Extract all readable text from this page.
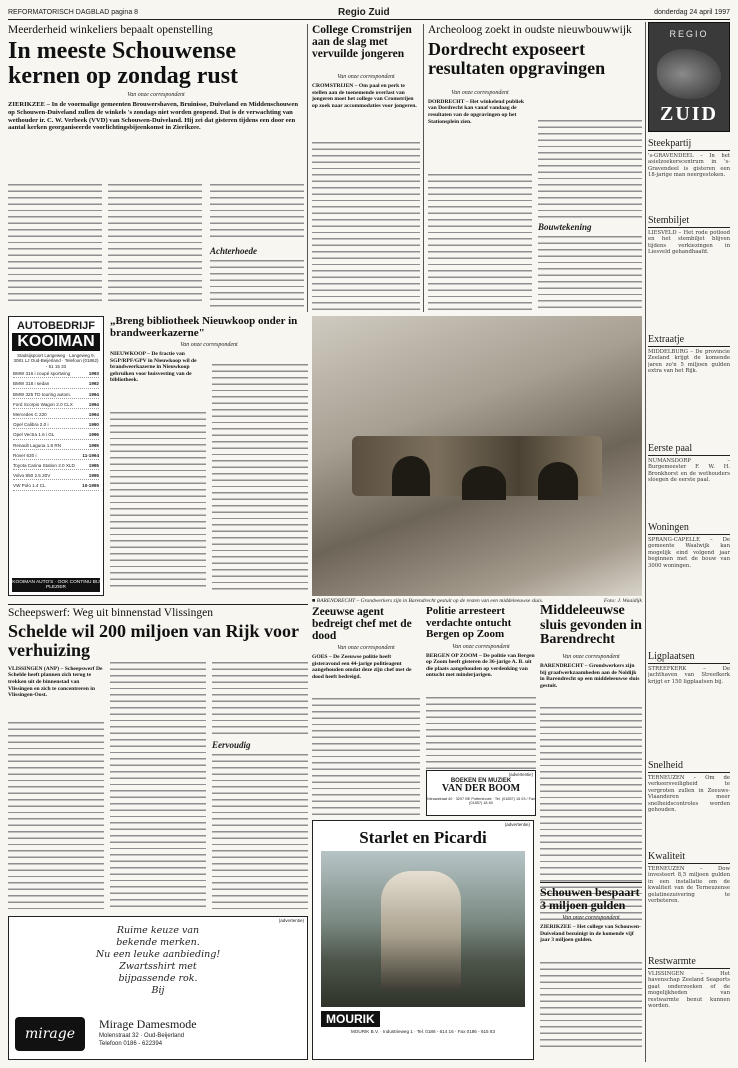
REFORMATORISCH DAGBLAD pagina 8	Regio Zuid	donderdag 24 april 1997
Meerderheid winkeliers bepaalt openstelling
In meeste Schouwense kernen op zondag rust
Van onze correspondent
ZIERIKZEE – In de voormalige gemeenten Brouwershaven, Bruinisse, Duiveland en Middenschouwen op Schouwen-Duiveland zullen de winkels 's zondags niet worden geopend. Dat is de verwachting van wethouder ir. C. W. Verbeek (VVD) van Schouwen-Duiveland. Hij zei dat gisteren tijdens een door een aantal kerken georganiseerde voorlichtingsbijeenkomst in Zierikzee.
Achterhoede
College Cromstrijen aan de slag met vervuilde jongeren
Van onze correspondent
CROMSTRIJEN – Om paal en perk te stellen aan de toenemende overlast van jongeren moet het college van Cromstrijen op zoek naar accommodaties voor jongeren.
Archeoloog zoekt in oudste nieuwbouwwijk
Dordrecht exposeert resultaten opgravingen
Van onze correspondent
DORDRECHT – Het winkelend publiek van Dordrecht kan vanaf vandaag de resultaten van de opgravingen op het Stationsplein zien.
Bouwtekening
REGIO
ZUID
Steekpartij
's-GRAVENDEEL – In het asielzoekerscentrum in 's-Gravendeel is gisteren een 18-jarige man neergestoken.
Stembiljet
LIESVELD – Het rode potlood en het stembiljet blijven tijdens verkiezingen in Liesveld gehandhaafd.
Extraatje
MIDDELBURG – De provincie Zeeland krijgt de komende jaren zo'n 5 miljoen gulden extra van het Rijk.
Eerste paal
NUMANSDORP – Burgemeester F. W. H. Bronkhorst en de wethouders sloegen de eerste paal.
Woningen
SPRANG-CAPELLE – De gemeente Waalwijk kan mogelijk eind volgend jaar beginnen met de bouw van 3000 woningen.
Ligplaatsen
STREEFKERK – De jachthaven van Streefkerk krijgt er 150 ligplaatsen bij.
Snelheid
TERNEUZEN – Om de verkeersveiligheid te vergroten zullen in Zeeuws-Vlaanderen meer snelheidscontroles worden gehouden.
Kwaliteit
TERNEUZEN – Dow investeert 8,5 miljoen gulden in een installatie om de kwaliteit van de Terneuzense gelatinezuivering te verbeteren.
Restwarmte
VLISSINGEN – Het havenschap Zeeland Seaports gaat onderzoeken of de mogelijkheden van restwarmte benut kunnen worden.
AUTOBEDRIJF
KOOIMAN
Stadsijspoort Langeweg · Langeweg 9, 3081 LJ Oud-Beijerland · Telefoon (01862) - 51 15 33
BMW 316 i coupé sportwing	1993
BMW 318 i sedan	1992
BMW 325 TD touring autom.	1994
Ford Scorpio Wagon 2.0 CLX	1994
Mercedes C 220	1994
Opel Calibra 2.0 i	1990
Opel Vectra 1.6 i GL	1996
Renault Laguna 1.8 RN	1995
Rover 620 i	11-1994
Toyota Carina Station 2.0 XLD	1995
Volvo 850 2.5 20V	1995
VW Polo 1.4 CL	10-1995
KOOIMAN AUTO'S · OOK CONTINU BIJ PLEZIER
„Breng bibliotheek Nieuwkoop onder in brandweerkazerne"
Van onze correspondent
NIEUWKOOP – De fractie van SGP/RPF/GPV in Nieuwkoop wil de brandweerkazerne in Nieuwkoop gebruiken voor huisvesting van de bibliotheek.
■ BARENDRECHT – Grondwerkers zijn in Barendrecht gestuit op de resten van een middeleeuwse sluis.	Foto: J. Waaidijk
Scheepswerf: Weg uit binnenstad Vlissingen
Schelde wil 200 miljoen van Rijk voor verhuizing
VLISSINGEN (ANP) – Scheepswerf De Schelde heeft plannen zich terug te trekken uit de binnenstad van Vlissingen en zich te concentreren in Vlissingen-Oost.
Eervoudig
Zeeuwse agent bedreigt chef met de dood
Van onze correspondent
GOES – De Zeeuwse politie heeft gisteravond een 44-jarige politieagent aangehouden omdat deze zijn chef met de dood heeft bedreigd.
Politie arresteert verdachte ontucht Bergen op Zoom
Van onze correspondent
BERGEN OP ZOOM – De politie van Bergen op Zoom heeft gisteren de 36-jarige A. B. uit die plaats aangehouden op verdenking van ontucht met minderjarigen.
Middeleeuwse sluis gevonden in Barendrecht
Van onze correspondent
BARENDRECHT – Grondwerkers zijn bij graafwerkzaamheden aan de Noldijk in Barendrecht op een middeleeuwse sluis gestuit.
(advertentie)
Starlet en Picardi
MOURIK
MOURIK B.V. · Industrieweg 1 · Tel. 0186 - 614 16 · Fax 0186 - 615 83
(advertentie)
Ruime keuze van
bekende merken.
Nu een leuke aanbieding!
Zwartsshirt met
bijpassende rok.
Bij
mirage
Mirage Damesmode
Molenstraat 32 · Oud-Beijerland
Telefoon 0186 - 622394
(advertentie)
BOEKEN EN MUZIEK
VAN DER BOOM
Nieuwstraat 40 · 3297 BE Puttershoek · Tel. (01857) 16 03 / Fax (01857) 18 60
Schouwen bespaart 3 miljoen gulden
Van onze correspondent
ZIERIKZEE – Het college van Schouwen-Duiveland bezuinigt in de komende vijf jaar 3 miljoen gulden.
